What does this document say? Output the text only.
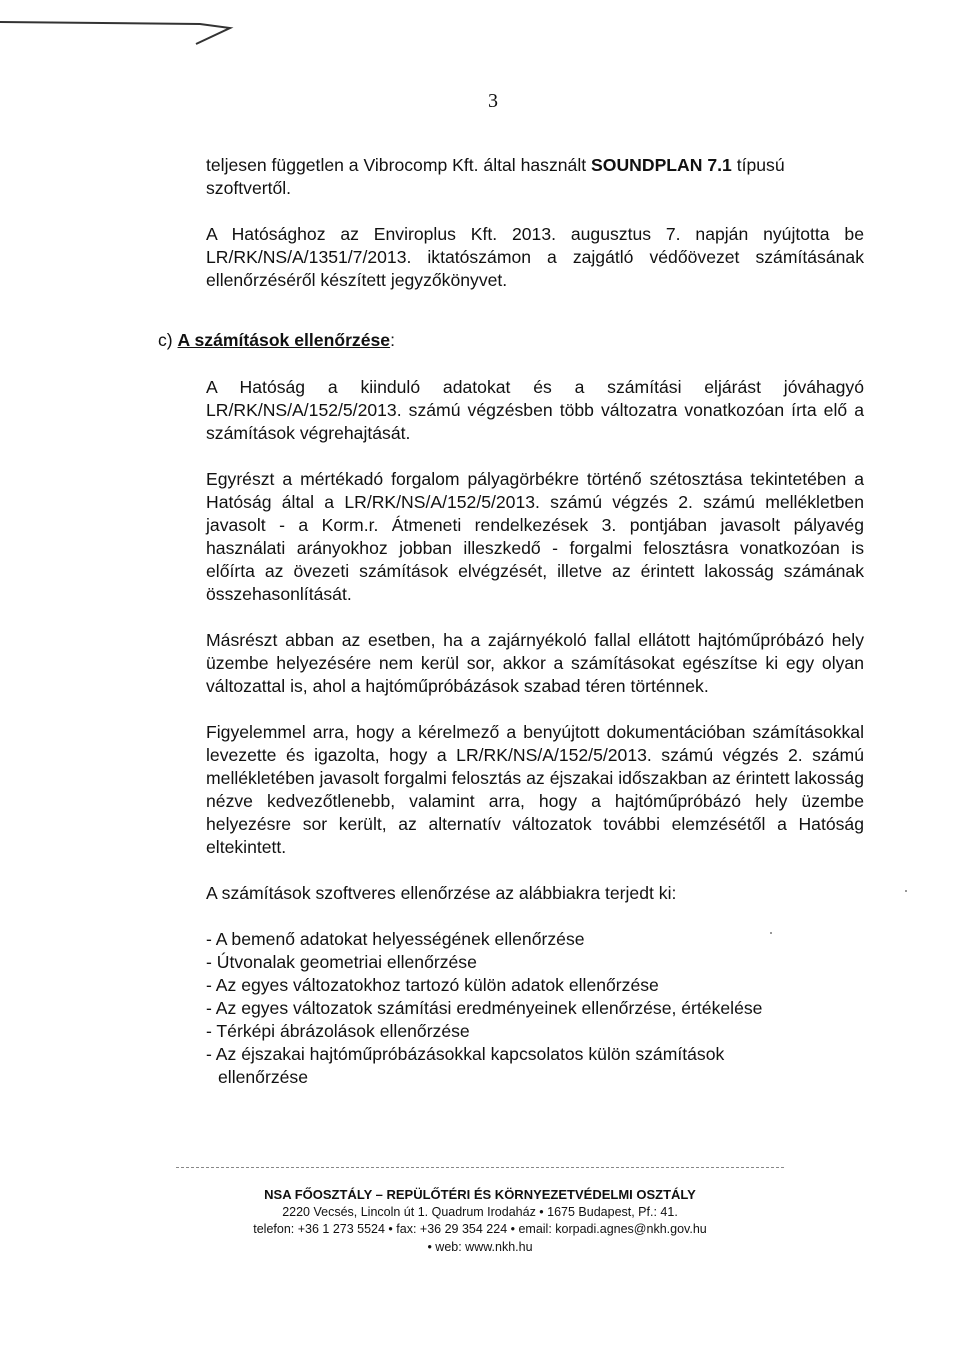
3

teljesen független a Vibrocomp Kft. által használt SOUNDPLAN 7.1 típusú szoftvertől.

A Hatósághoz az Enviroplus Kft. 2013. augusztus 7. napján nyújtotta be LR/RK/NS/A/1351/7/2013. iktatószámon a zajgátló védőövezet számításának ellenőrzéséről készített jegyzőkönyvet.

c) A számítások ellenőrzése:

A Hatóság a kiinduló adatokat és a számítási eljárást jóváhagyó LR/RK/NS/A/152/5/2013. számú végzésben több változatra vonatkozóan írta elő a számítások végrehajtását.

Egyrészt a mértékadó forgalom pályagörbékre történő szétosztása tekintetében a Hatóság által a LR/RK/NS/A/152/5/2013. számú végzés 2. számú mellékletben javasolt - a Korm.r. Átmeneti rendelkezések 3. pontjában javasolt pályavég használati arányokhoz jobban illeszkedő - forgalmi felosztásra vonatkozóan is előírta az övezeti számítások elvégzését, illetve az érintett lakosság számának összehasonlítását.

Másrészt abban az esetben, ha a zajárnyékoló fallal ellátott hajtóműpróbázó hely üzembe helyezésére nem kerül sor, akkor a számításokat egészítse ki egy olyan változattal is, ahol a hajtóműpróbázások szabad téren történnek.

Figyelemmel arra, hogy a kérelmező a benyújtott dokumentációban számításokkal levezette és igazolta, hogy a LR/RK/NS/A/152/5/2013. számú végzés 2. számú mellékletében javasolt forgalmi felosztás az éjszakai időszakban az érintett lakosság nézve kedvezőtlenebb, valamint arra, hogy a hajtóműpróbázó hely üzembe helyezésre sor került, az alternatív változatok további elemzésétől a Hatóság eltekintett.

A számítások szoftveres ellenőrzése az alábbiakra terjedt ki:

- A bemenő adatokat helyességének ellenőrzése
- Útvonalak geometriai ellenőrzése
- Az egyes változatokhoz tartozó külön adatok ellenőrzése
- Az egyes változatok számítási eredményeinek ellenőrzése, értékelése
- Térképi ábrázolások ellenőrzése
- Az éjszakai hajtóműpróbázásokkal kapcsolatos külön számítások
ellenőrzése
NSA FŐOSZTÁLY – REPÜLŐTÉRI ÉS KÖRNYEZETVÉDELMI OSZTÁLY
2220 Vecsés, Lincoln út 1. Quadrum Irodaház • 1675 Budapest, Pf.: 41.
telefon: +36 1 273 5524 • fax: +36 29 354 224 • email: korpadi.agnes@nkh.gov.hu
• web: www.nkh.hu
